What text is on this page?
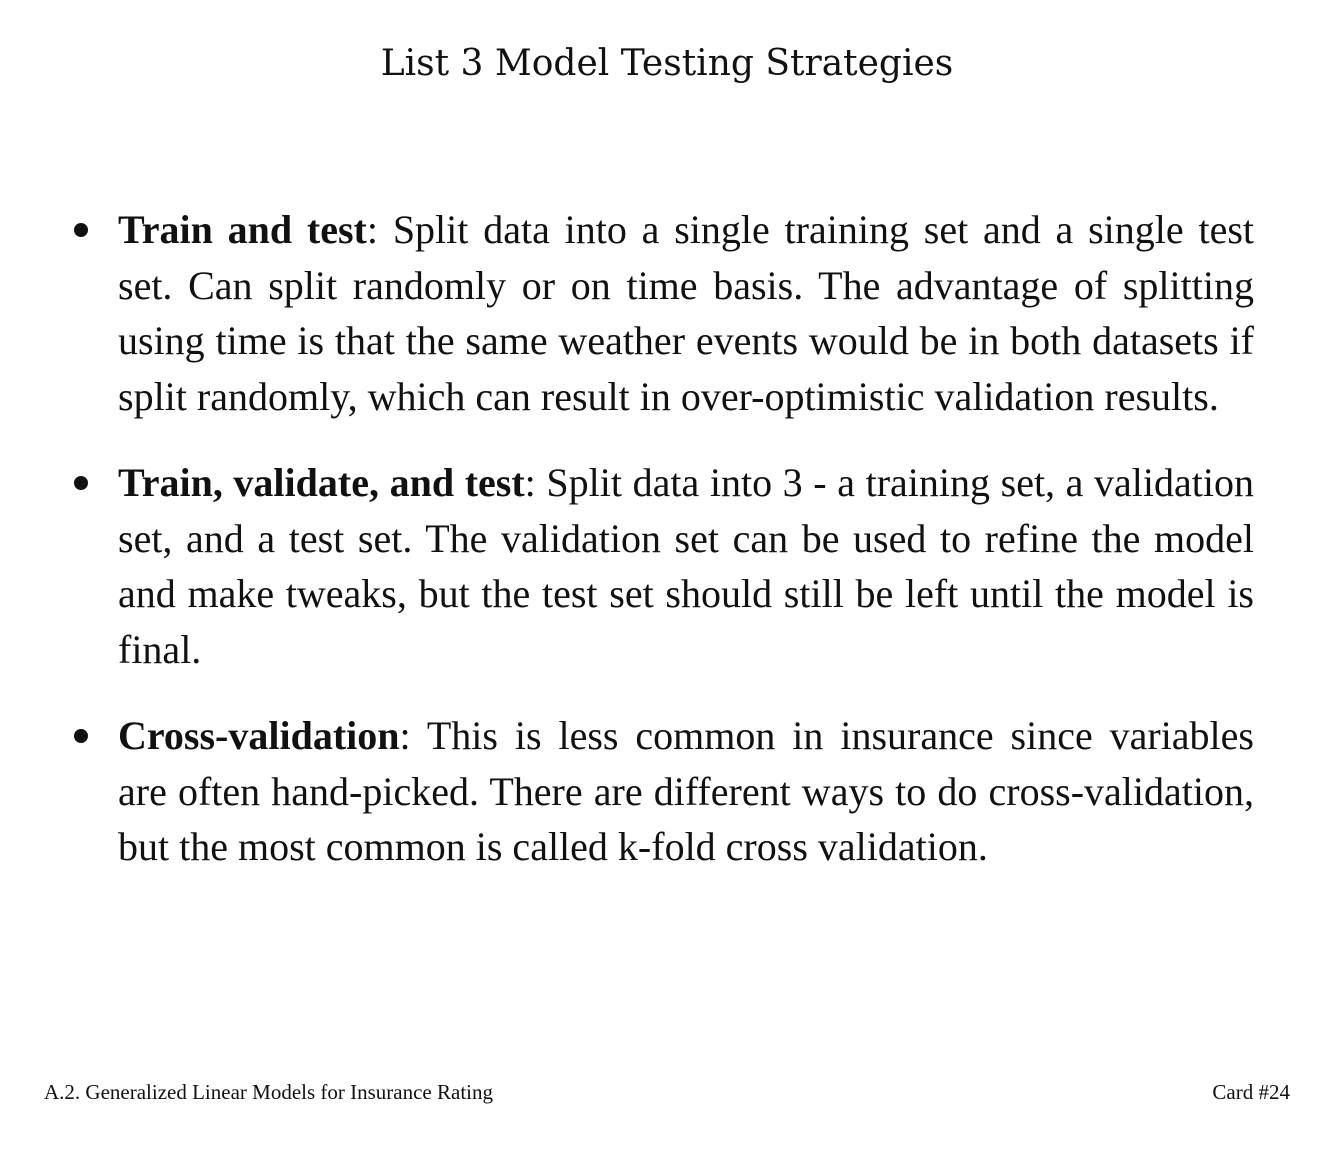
List 3 Model Testing Strategies
Train and test: Split data into a single training set and a single test set. Can split randomly or on time basis. The advantage of splitting using time is that the same weather events would be in both datasets if split randomly, which can result in over-optimistic validation results.
Train, validate, and test: Split data into 3 - a training set, a validation set, and a test set. The validation set can be used to refine the model and make tweaks, but the test set should still be left until the model is final.
Cross-validation: This is less common in insurance since variables are often hand-picked. There are different ways to do cross-validation, but the most common is called k-fold cross validation.
A.2. Generalized Linear Models for Insurance Rating	Card #24
